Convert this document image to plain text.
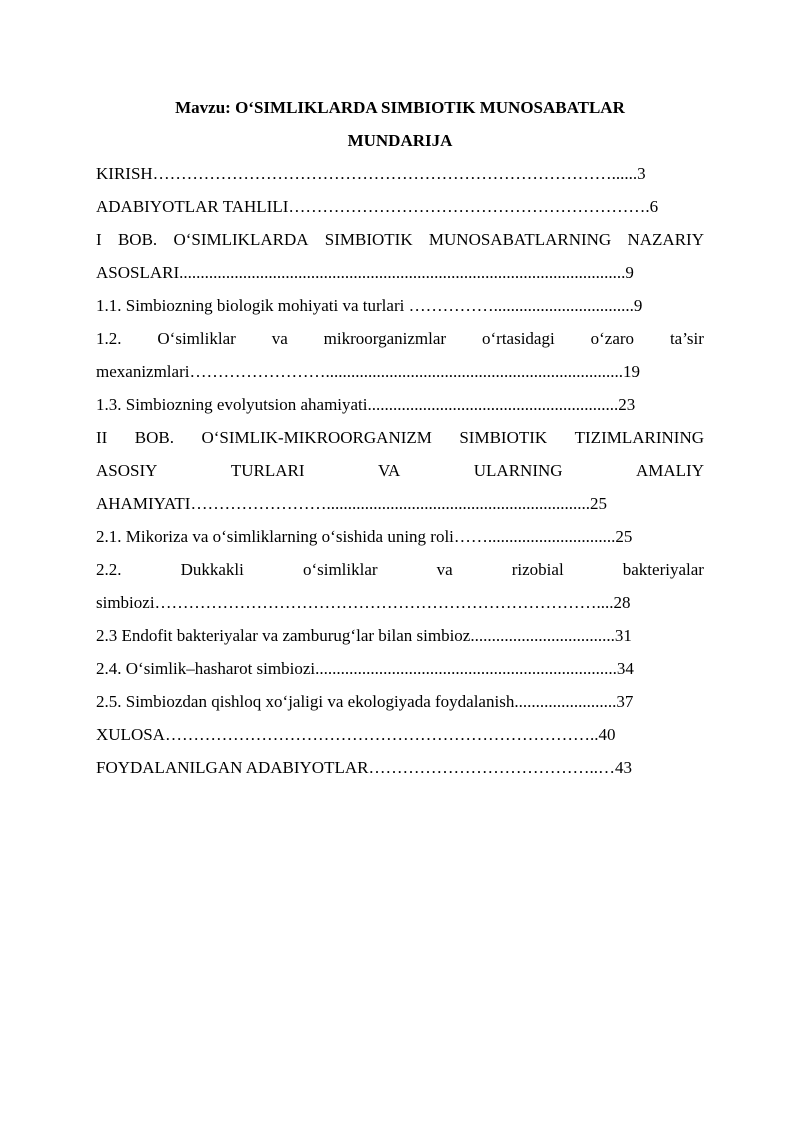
Mavzu: O‘SIMLIKLARDA SIMBIOTIK MUNOSABATLAR
MUNDARIJA
KIRISH………………………………………………………………………......3
ADABIYOTLAR TAHLILI……………………………………………………….6
I BOB. O‘SIMLIKLARDA SIMBIOTIK MUNOSABATLARNING NAZARIY
ASOSLARI.........................................................................................................9
1.1. Simbiozning biologik mohiyati va turlari …………….................................9
1.2. O‘simliklar va mikroorganizmlar o‘rtasidagi o‘zaro ta’sir
mexanizmlari……………………......................................................................19
1.3. Simbiozning evolyutsion ahamiyati...........................................................23
II BOB. O‘SIMLIK-MIKROORGANIZM SIMBIOTIK TIZIMLARINING
ASOSIY	TURLARI	VA	ULARNING	AMALIY
AHAMIYATI……………………..............................................................25
2.1. Mikoriza va o‘simliklarning o‘sishida uning roli……..............................25
2.2.	Dukkakli	o‘simliklar	va	rizobial	bakteriyalar
simbiozi……………………………………………………………………....28
2.3 Endofit bakteriyalar va zamburug‘lar bilan simbioz..................................31
2.4. O‘simlik–hasharot simbiozi.......................................................................34
2.5. Simbiozdan qishloq xo‘jaligi va ekologiyada foydalanish........................37
XULOSA…………………………………………………………………..40
FOYDALANILGAN ADABIYOTLAR…………………………………..…43
